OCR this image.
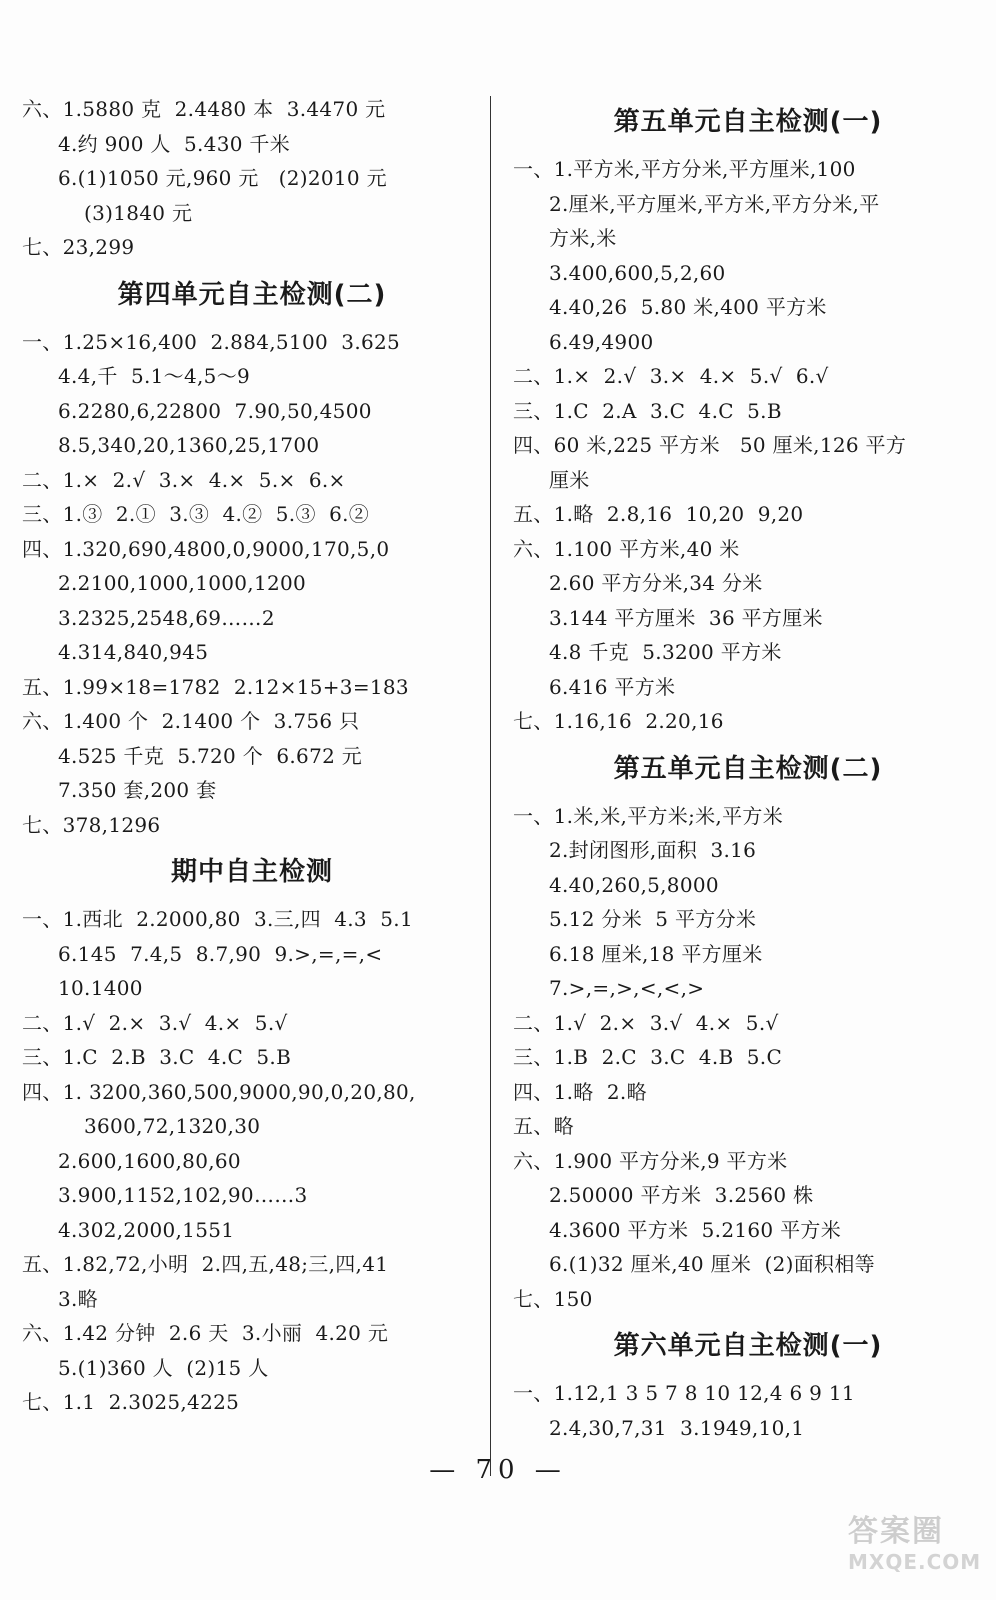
六、1.5880 克  2.4480 本  3.4470 元
4.约 900 人  5.430 千米
6.(1)1050 元,960 元   (2)2010 元
(3)1840 元
七、23,299
第四单元自主检测(二)
一、1.25×16,400  2.884,5100  3.625
4.4,千  5.1～4,5～9
6.2280,6,22800  7.90,50,4500
8.5,340,20,1360,25,1700
二、1.×  2.√  3.×  4.×  5.×  6.×
三、1.③  2.①  3.③  4.②  5.③  6.②
四、1.320,690,4800,0,9000,170,5,0
2.2100,1000,1000,1200
3.2325,2548,69……2
4.314,840,945
五、1.99×18=1782  2.12×15+3=183
六、1.400 个  2.1400 个  3.756 只
4.525 千克  5.720 个  6.672 元
7.350 套,200 套
七、378,1296
期中自主检测
一、1.西北  2.2000,80  3.三,四  4.3  5.1
6.145  7.4,5  8.7,90  9.>,=,=,<
10.1400
二、1.√  2.×  3.√  4.×  5.√
三、1.C  2.B  3.C  4.C  5.B
四、1. 3200,360,500,9000,90,0,20,80,
3600,72,1320,30
2.600,1600,80,60
3.900,1152,102,90……3
4.302,2000,1551
五、1.82,72,小明  2.四,五,48;三,四,41
3.略
六、1.42 分钟  2.6 天  3.小丽  4.20 元
5.(1)360 人  (2)15 人
七、1.1  2.3025,4225
第五单元自主检测(一)
一、1.平方米,平方分米,平方厘米,100
2.厘米,平方厘米,平方米,平方分米,平
方米,米
3.400,600,5,2,60
4.40,26  5.80 米,400 平方米
6.49,4900
二、1.×  2.√  3.×  4.×  5.√  6.√
三、1.C  2.A  3.C  4.C  5.B
四、60 米,225 平方米   50 厘米,126 平方
厘米
五、1.略  2.8,16  10,20  9,20
六、1.100 平方米,40 米
2.60 平方分米,34 分米
3.144 平方厘米  36 平方厘米
4.8 千克  5.3200 平方米
6.416 平方米
七、1.16,16  2.20,16
第五单元自主检测(二)
一、1.米,米,平方米;米,平方米
2.封闭图形,面积  3.16
4.40,260,5,8000
5.12 分米  5 平方分米
6.18 厘米,18 平方厘米
7.>,=,>,<,<,>
二、1.√  2.×  3.√  4.×  5.√
三、1.B  2.C  3.C  4.B  5.C
四、1.略  2.略
五、略
六、1.900 平方分米,9 平方米
2.50000 平方米  3.2560 株
4.3600 平方米  5.2160 平方米
6.(1)32 厘米,40 厘米  (2)面积相等
七、150
第六单元自主检测(一)
一、1.12,1 3 5 7 8 10 12,4 6 9 11
2.4,30,7,31  3.1949,10,1
— 70 —
答案圈
MXQE.COM
